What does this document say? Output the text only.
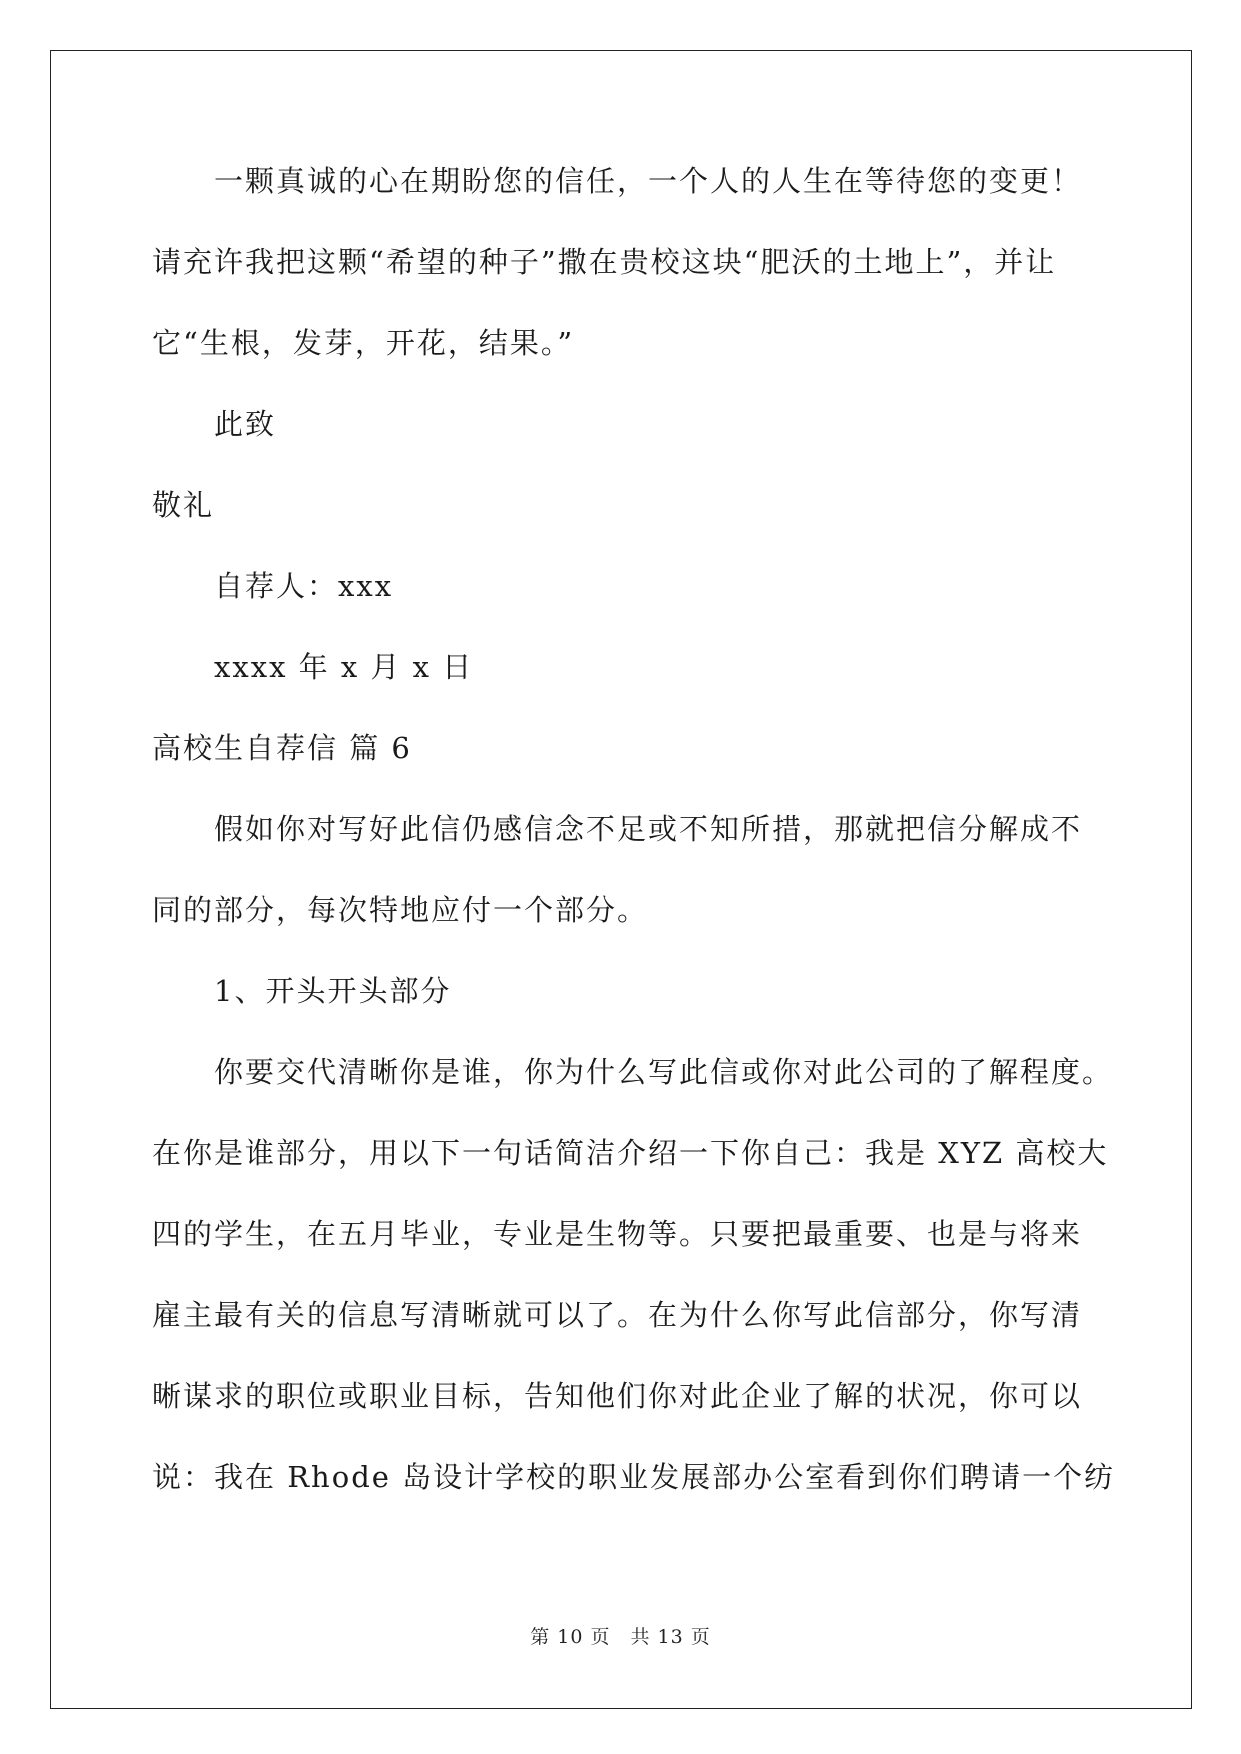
一颗真诚的心在期盼您的信任，一个人的人生在等待您的变更！
请充许我把这颗“希望的种子”撒在贵校这块“肥沃的土地上”，并让
它“生根，发芽，开花，结果。”
此致
敬礼
自荐人：xxx
xxxx 年 x 月 x 日
高校生自荐信 篇 6
假如你对写好此信仍感信念不足或不知所措，那就把信分解成不
同的部分，每次特地应付一个部分。
1、开头开头部分
你要交代清晰你是谁，你为什么写此信或你对此公司的了解程度。
在你是谁部分，用以下一句话简洁介绍一下你自己：我是 XYZ 高校大
四的学生，在五月毕业，专业是生物等。只要把最重要、也是与将来
雇主最有关的信息写清晰就可以了。在为什么你写此信部分，你写清
晰谋求的职位或职业目标，告知他们你对此企业了解的状况，你可以
说：我在 Rhode 岛设计学校的职业发展部办公室看到你们聘请一个纺
第 10 页　共 13 页
